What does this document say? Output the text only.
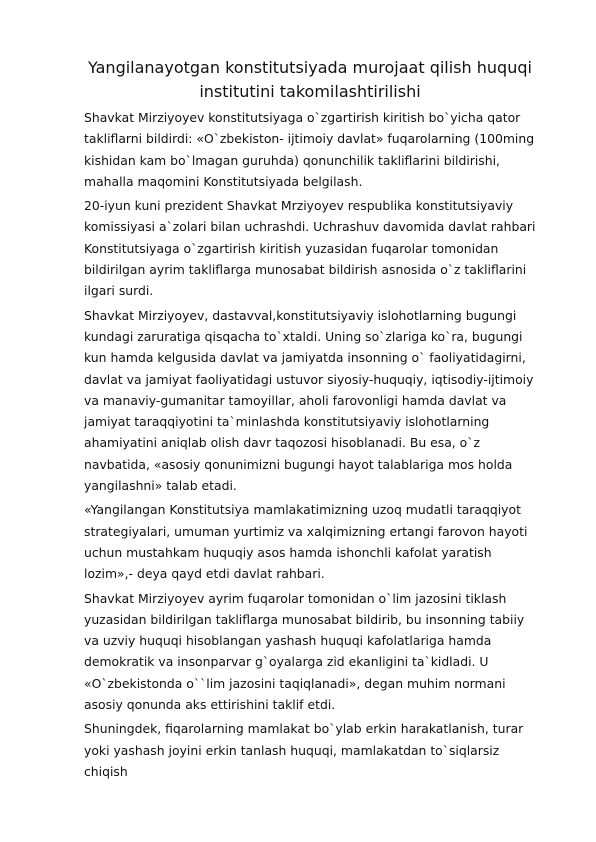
Yangilanayotgan konstitutsiyada murojaat qilish huquqi institutini takomilashtirilishi

Shavkat Mirziyoyev konstitutsiyaga o`zgartirish kiritish bo`yicha qator takliflarni bildirdi: «O`zbekiston- ijtimoiy davlat» fuqarolarning (100ming kishidan kam bo`lmagan guruhda) qonunchilik takliflarini bildirishi, mahalla maqomini Konstitutsiyada belgilash.

20-iyun kuni prezident Shavkat Mrziyoyev respublika konstitutsiyaviy komissiyasi a`zolari bilan uchrashdi. Uchrashuv davomida davlat rahbari Konstitutsiyaga o`zgartirish kiritish yuzasidan fuqarolar tomonidan bildirilgan ayrim takliflarga munosabat bildirish asnosida o`z takliflarini ilgari surdi.

Shavkat Mirziyoyev, dastavval,konstitutsiyaviy islohotlarning bugungi kundagi zaruratiga qisqacha to`xtaldi. Uning so`zlariga ko`ra, bugungi kun hamda kelgusida davlat va jamiyatda insonning o` faoliyatidagirni, davlat va jamiyat faoliyatidagi ustuvor siyosiy-huquqiy, iqtisodiy-ijtimoiy va manaviy-gumanitar tamoyillar, aholi farovonligi hamda davlat va jamiyat taraqqiyotini ta`minlashda konstitutsiyaviy islohotlarning ahamiyatini aniqlab olish davr taqozosi hisoblanadi. Bu esa, o`z navbatida, «asosiy qonunimizni bugungi hayot talablariga mos holda yangilashni» talab etadi.

«Yangilangan Konstitutsiya mamlakatimizning uzoq mudatli taraqqiyot strategiyalari, umuman yurtimiz va xalqimizning ertangi farovon hayoti uchun mustahkam huquqiy asos hamda ishonchli kafolat yaratish lozim»,- deya qayd etdi davlat rahbari.

Shavkat Mirziyoyev ayrim fuqarolar tomonidan o`lim jazosini tiklash yuzasidan bildirilgan takliflarga munosabat bildirib, bu insonning tabiiy va uzviy huquqi hisoblangan yashash huquqi kafolatlariga hamda demokratik va insonparvar g`oyalarga zid ekanligini ta`kidladi. U «O`zbekistonda o``lim jazosini taqiqlanadi», degan muhim normani asosiy qonunda aks ettirishini taklif etdi.

Shuningdek, fiqarolarning mamlakat bo`ylab erkin harakatlanish, turar yoki yashash joyini erkin tanlash huquqi, mamlakatdan to`siqlarsiz chiqish
